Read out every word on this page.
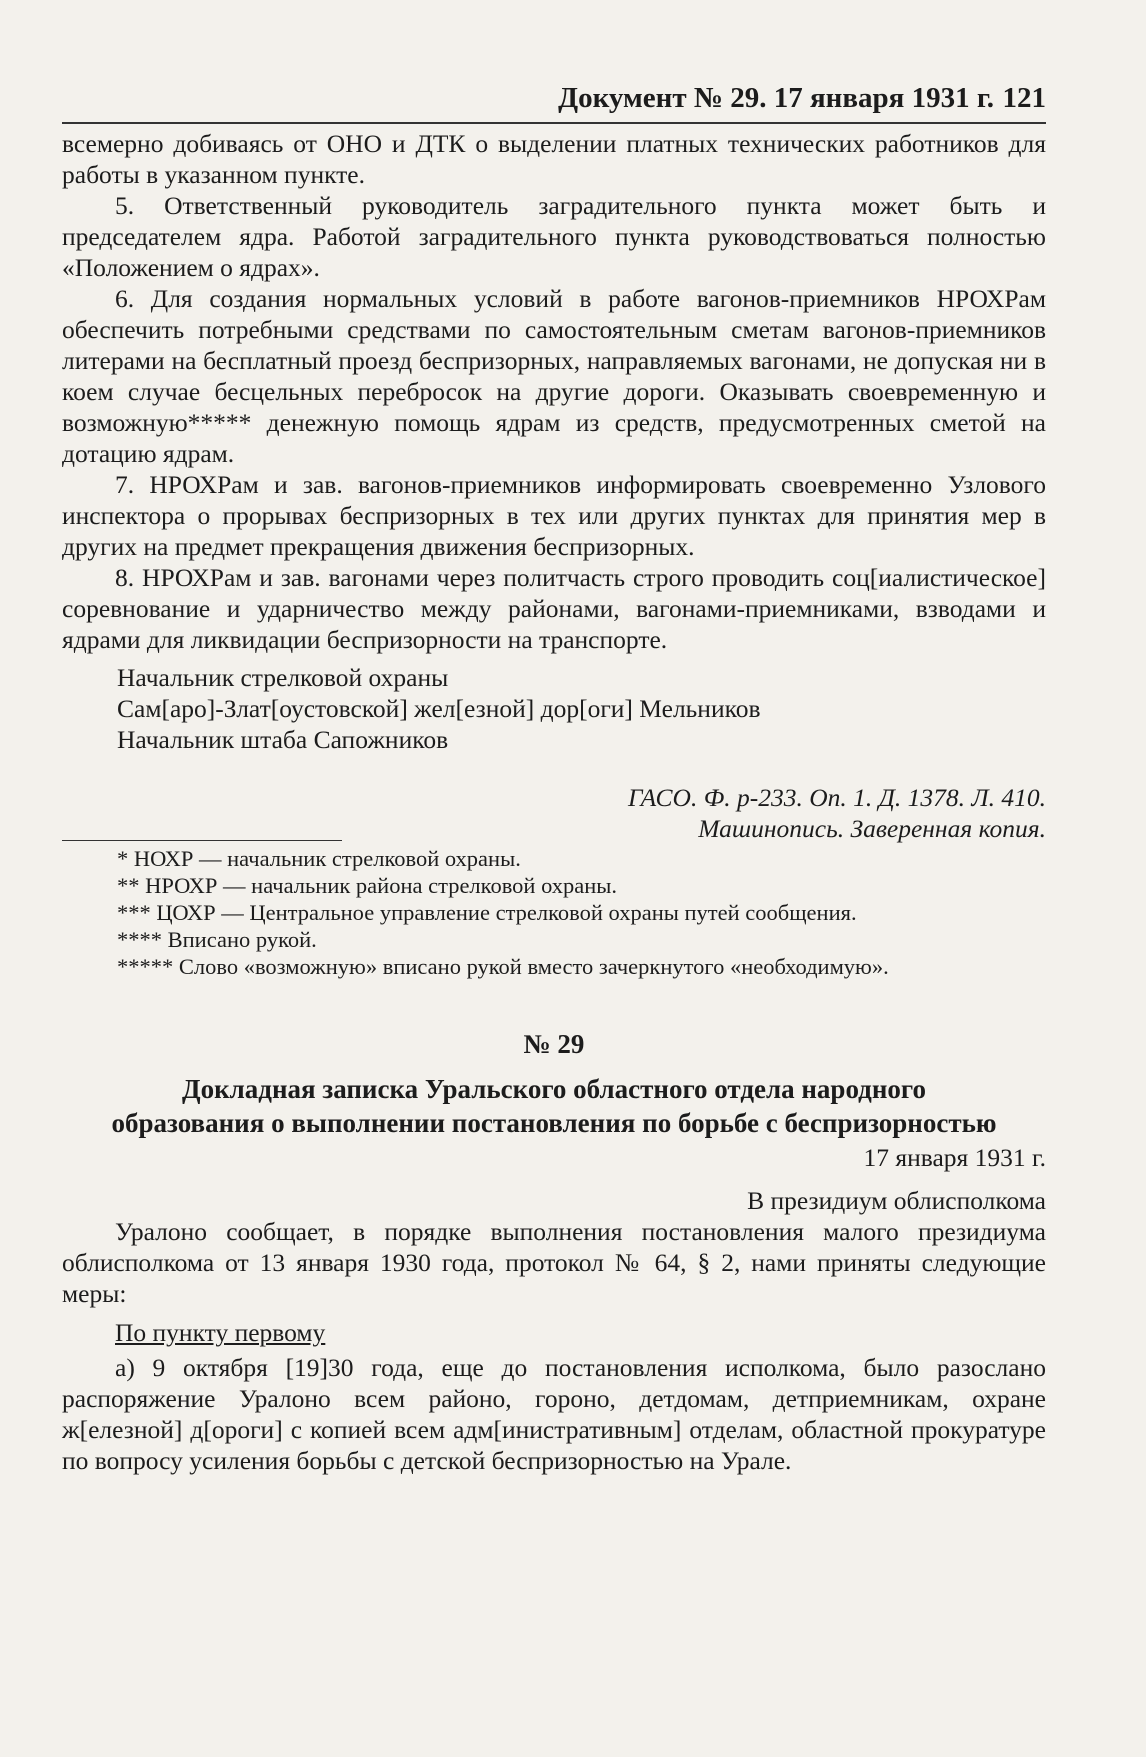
Документ № 29. 17 января 1931 г. 121

всемерно добиваясь от ОНО и ДТК о выделении платных технических работников для работы в указанном пункте.

5. Ответственный руководитель заградительного пункта может быть и председателем ядра. Работой заградительного пункта руководствоваться полностью «Положением о ядрах».

6. Для создания нормальных условий в работе вагонов-приемников НРОХРам обеспечить потребными средствами по самостоятельным сметам вагонов-приемников литерами на бесплатный проезд беспризорных, направляемых вагонами, не допуская ни в коем случае бесцельных перебросок на другие дороги. Оказывать своевременную и возможную***** денежную помощь ядрам из средств, предусмотренных сметой на дотацию ядрам.

7. НРОХРам и зав. вагонов-приемников информировать своевременно Узлового инспектора о прорывах беспризорных в тех или других пунктах для принятия мер в других на предмет прекращения движения беспризорных.

8. НРОХРам и зав. вагонами через политчасть строго проводить соц[иалистическое] соревнование и ударничество между районами, вагонами-приемниками, взводами и ядрами для ликвидации беспризорности на транспорте.

Начальник стрелковой охраны

Сам[аро]-Злат[оустовской] жел[езной] дор[оги] Мельников

Начальник штаба Сапожников

ГАСО. Ф. р-233. Оп. 1. Д. 1378. Л. 410.

Машинопись. Заверенная копия.

* НОХР — начальник стрелковой охраны.

** НРОХР — начальник района стрелковой охраны.

*** ЦОХР — Центральное управление стрелковой охраны путей сообщения.

**** Вписано рукой.

***** Слово «возможную» вписано рукой вместо зачеркнутого «необходимую».

№ 29
Докладная записка Уральского областного отдела народного
образования о выполнении постановления по борьбе с беспризорностью

17 января 1931 г.

В президиум облисполкома

Уралоно сообщает, в порядке выполнения постановления малого президиума облисполкома от 13 января 1930 года, протокол № 64, § 2, нами приняты следующие меры:

По пункту первому

а) 9 октября [19]30 года, еще до постановления исполкома, было разослано распоряжение Уралоно всем районо, гороно, детдомам, детприемникам, охране ж[елезной] д[ороги] с копией всем адм[инистративным] отделам, областной прокуратуре по вопросу усиления борьбы с детской беспризорностью на Урале.
